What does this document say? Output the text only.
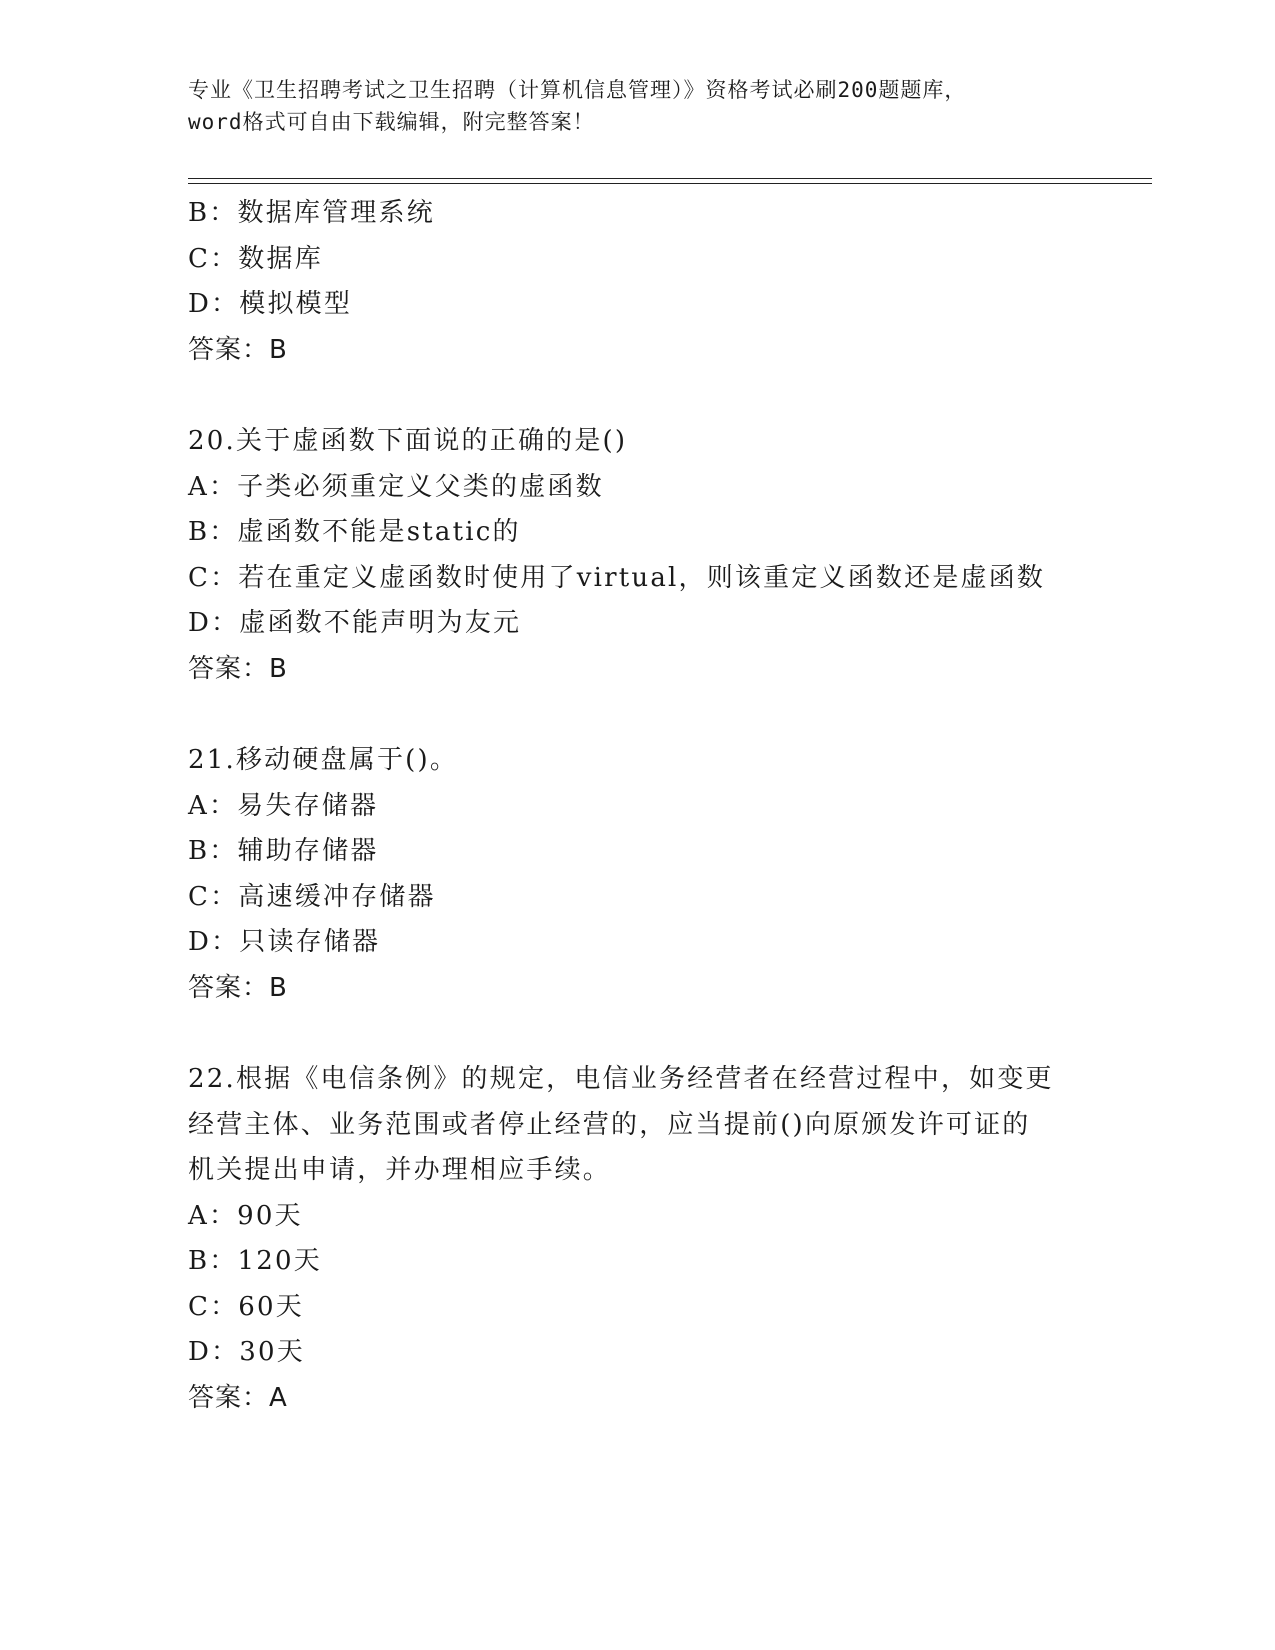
专业《卫生招聘考试之卫生招聘（计算机信息管理）》资格考试必刷200题题库，
word格式可自由下载编辑，附完整答案！
B：数据库管理系统
C：数据库
D：模拟模型
答案：B
20.关于虚函数下面说的正确的是()
A：子类必须重定义父类的虚函数
B：虚函数不能是static的
C：若在重定义虚函数时使用了virtual，则该重定义函数还是虚函数
D：虚函数不能声明为友元
答案：B
21.移动硬盘属于()。
A：易失存储器
B：辅助存储器
C：高速缓冲存储器
D：只读存储器
答案：B
22.根据《电信条例》的规定，电信业务经营者在经营过程中，如变更
经营主体、业务范围或者停止经营的，应当提前()向原颁发许可证的
机关提出申请，并办理相应手续。
A：90天
B：120天
C：60天
D：30天
答案：A
